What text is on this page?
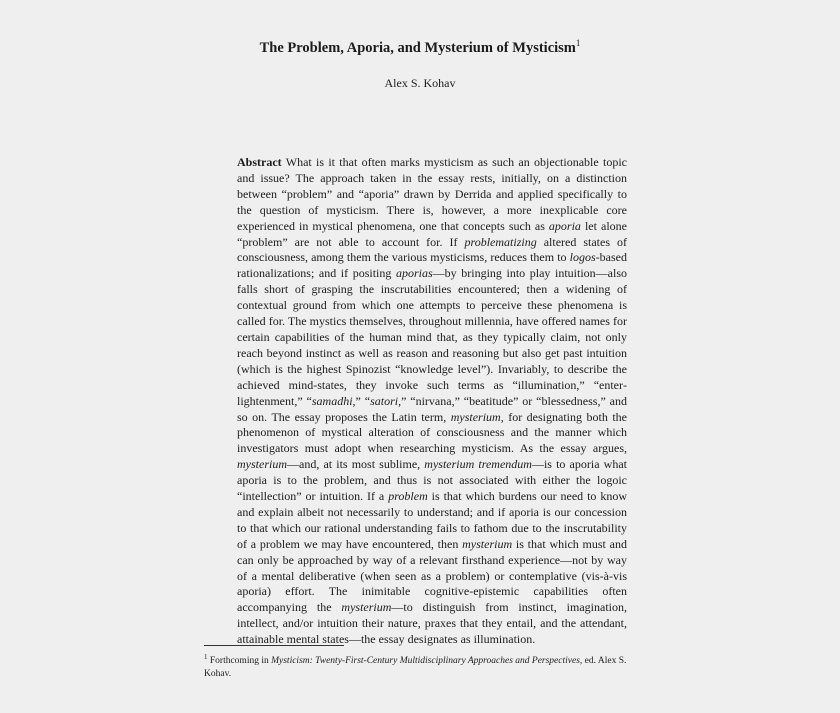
The Problem, Aporia, and Mysterium of Mysticism$^1$
Alex S. Kohav

Abstract What is it that often marks mysticism as such an objectionable topic and issue? The approach taken in the essay rests, initially, on a distinction between “problem” and “aporia” drawn by Derrida and applied specifically to the question of mysticism. There is, however, a more inexplicable core experienced in mystical phenomena, one that concepts such as aporia let alone “problem” are not able to account for. If problematizing altered states of consciousness, among them the various mysticisms, reduces them to logos-based rationalizations; and if positing aporias—by bringing into play intuition—also falls short of grasping the inscrutabilities encountered; then a widening of contextual ground from which one attempts to perceive these phenomena is called for. The mystics themselves, throughout millennia, have offered names for certain capabilities of the human mind that, as they typically claim, not only reach beyond instinct as well as reason and reasoning but also get past intuition (which is the highest Spinozist “knowledge level”). Invariably, to describe the achieved mind-states, they invoke such terms as “illumination,” “enterlightenment,” “samadhi,” “satori,” “nirvana,” “beatitude” or “blessedness,” and so on. The essay proposes the Latin term, mysterium, for designating both the phenomenon of mystical alteration of consciousness and the manner which investigators must adopt when researching mysticism. As the essay argues, mysterium—and, at its most sublime, mysterium tremendum—is to aporia what aporia is to the problem, and thus is not associated with either the logoic “intellection” or intuition. If a problem is that which burdens our need to know and explain albeit not necessarily to understand; and if aporia is our concession to that which our rational understanding fails to fathom due to the inscrutability of a problem we may have encountered, then mysterium is that which must and can only be approached by way of a relevant firsthand experience—not by way of a mental deliberative (when seen as a problem) or contemplative (vis-à-vis aporia) effort. The inimitable cognitive-epistemic capabilities often accompanying the mysterium—to distinguish from instinct, imagination, intellect, and/or intuition their nature, praxes that they entail, and the attendant, attainable mental states—the essay designates as illumination.

$^1$ Forthcoming in Mysticism: Twenty-First-Century Multidisciplinary Approaches and Perspectives, ed. Alex S. Kohav.
